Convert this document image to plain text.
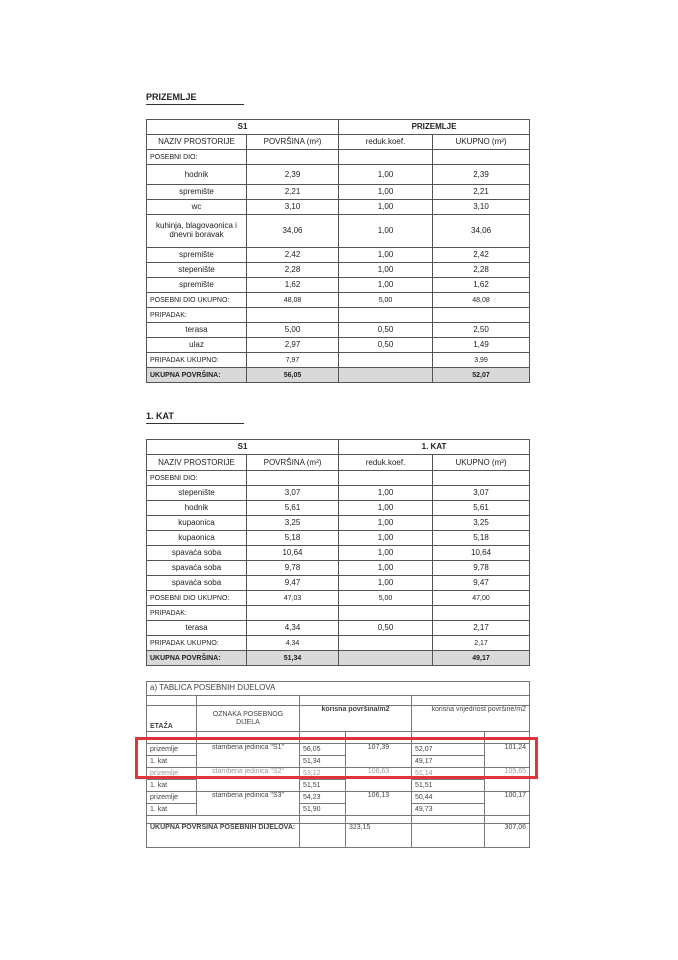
PRIZEMLJE
S1		PRIZEMLJE	
NAZIV PROSTORIJE	POVRŠINA (m²)	reduk.koef.	UKUPNO (m²)
POSEBNI DIO:			
hodnik	2,39	1,00	2,39
spremište	2,21	1,00	2,21
wc	3,10	1,00	3,10
kuhinja, blagovaonica i dnevni boravak	34,06	1,00	34,06
spremište	2,42	1,00	2,42
stepenište	2,28	1,00	2,28
spremište	1,62	1,00	1,62
POSEBNI DIO UKUPNO:	48,08	5,00	48,08
PRIPADAK:			
terasa	5,00	0,50	2,50
ulaz	2,97	0,50	1,49
PRIPADAK UKUPNO:	7,97		3,99
UKUPNA POVRŠINA:	56,05		52,07
1. KAT
S1		1. KAT	
NAZIV PROSTORIJE	POVRŠINA (m²)	reduk.koef.	UKUPNO (m²)
POSEBNI DIO:			
stepenište	3,07	1,00	3,07
hodnik	5,61	1,00	5,61
kupaonica	3,25	1,00	3,25
kupaonica	5,18	1,00	5,18
spavaća soba	10,64	1,00	10,64
spavaća soba	9,78	1,00	9,78
spavaća soba	9,47	1,00	9,47
POSEBNI DIO UKUPNO:	47,03	5,00	47,00
PRIPADAK:			
terasa	4,34	0,50	2,17
PRIPADAK UKUPNO:	4,34		2,17
UKUPNA POVRŠINA:	51,34		49,17
a) TABLICA POSEBNIH DIJELOVA					

ETAŽA	OZNAKA POSEBNOG DIJELA	korisna površina/m2		korisna vrijednost površine/m2	

prizemlje	stambena jedinica "S1"	56,05	107,39	52,07	101,24
1. kat		51,34		49,17	
prizemlje	stambena jedinica "S2"	53,12	106,63	51,14	105,65
1. kat		51,51		51,51	
prizemlje	stambena jedinica "S3"	54,23	106,13	50,44	100,17
1. kat		51,90		49,73	

UKUPNA POVRŠINA POSEBNIH DIJELOVA:			323,15		307,06
